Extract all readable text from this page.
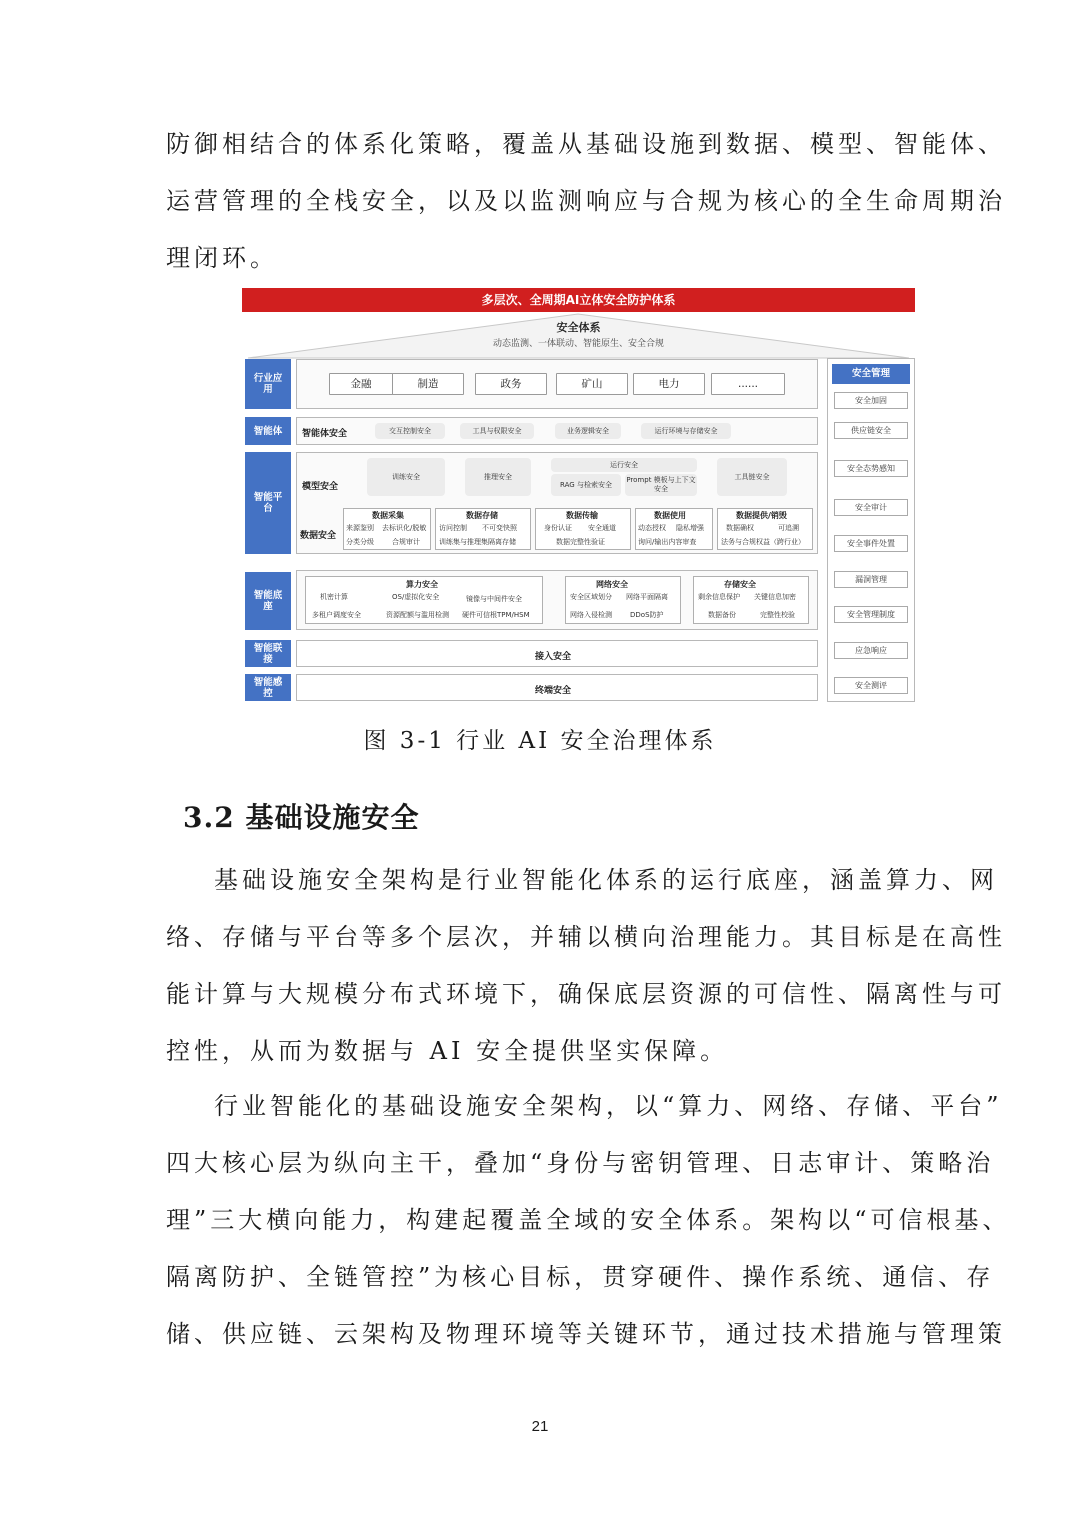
防御相结合的体系化策略，覆盖从基础设施到数据、模型、智能体、
运营管理的全栈安全，以及以监测响应与合规为核心的全生命周期治
理闭环。
多层次、全周期AI立体安全防护体系
安全体系
动态监测、一体联动、智能原生、安全合规
行业应用	金融	制造	政务	矿山	电力	......
智能体	智能体安全	交互控制安全	工具与权限安全	业务逻辑安全	运行环境与存储安全
智能平台
模型安全
训练安全	推理安全
运行安全
RAG 与检索安全
Prompt 模板与上下文安全
工具链安全
数据安全
数据采集
来源鉴别 去标识化/脱敏
分类分级	合规审计
数据存储
访问控制 不可变快照
训练集与推理集隔离存储
数据传输
身份认证 安全通道
数据完整性验证
数据使用
动态授权 隐私增强
询问/输出内容审查
数据提供/销毁
数据确权	可追溯
法务与合规权益（跨行业）
智能底座
算力安全
机密计算	OS/虚拟化安全	镜像与中间件安全
多租户调度安全	资源配额与滥用检测 硬件可信根TPM/HSM
网络安全
安全区域划分 网络平面隔离
网络入侵检测	DDoS防护
存储安全
剩余信息保护 关键信息加密
数据备份	完整性校验
智能联接	接入安全
智能感控	终端安全
安全管理
安全加固
供应链安全
安全态势感知
安全审计
安全事件处置
漏洞管理
安全管理制度
应急响应
安全测评
图 3-1 行业 AI 安全治理体系
3.2 基础设施安全
基础设施安全架构是行业智能化体系的运行底座，涵盖算力、网
络、存储与平台等多个层次，并辅以横向治理能力。其目标是在高性
能计算与大规模分布式环境下，确保底层资源的可信性、隔离性与可
控性，从而为数据与 AI 安全提供坚实保障。
行业智能化的基础设施安全架构，以“算力、网络、存储、平台”
四大核心层为纵向主干，叠加“身份与密钥管理、日志审计、策略治
理”三大横向能力，构建起覆盖全域的安全体系。架构以“可信根基、
隔离防护、全链管控”为核心目标，贯穿硬件、操作系统、通信、存
储、供应链、云架构及物理环境等关键环节，通过技术措施与管理策
21
